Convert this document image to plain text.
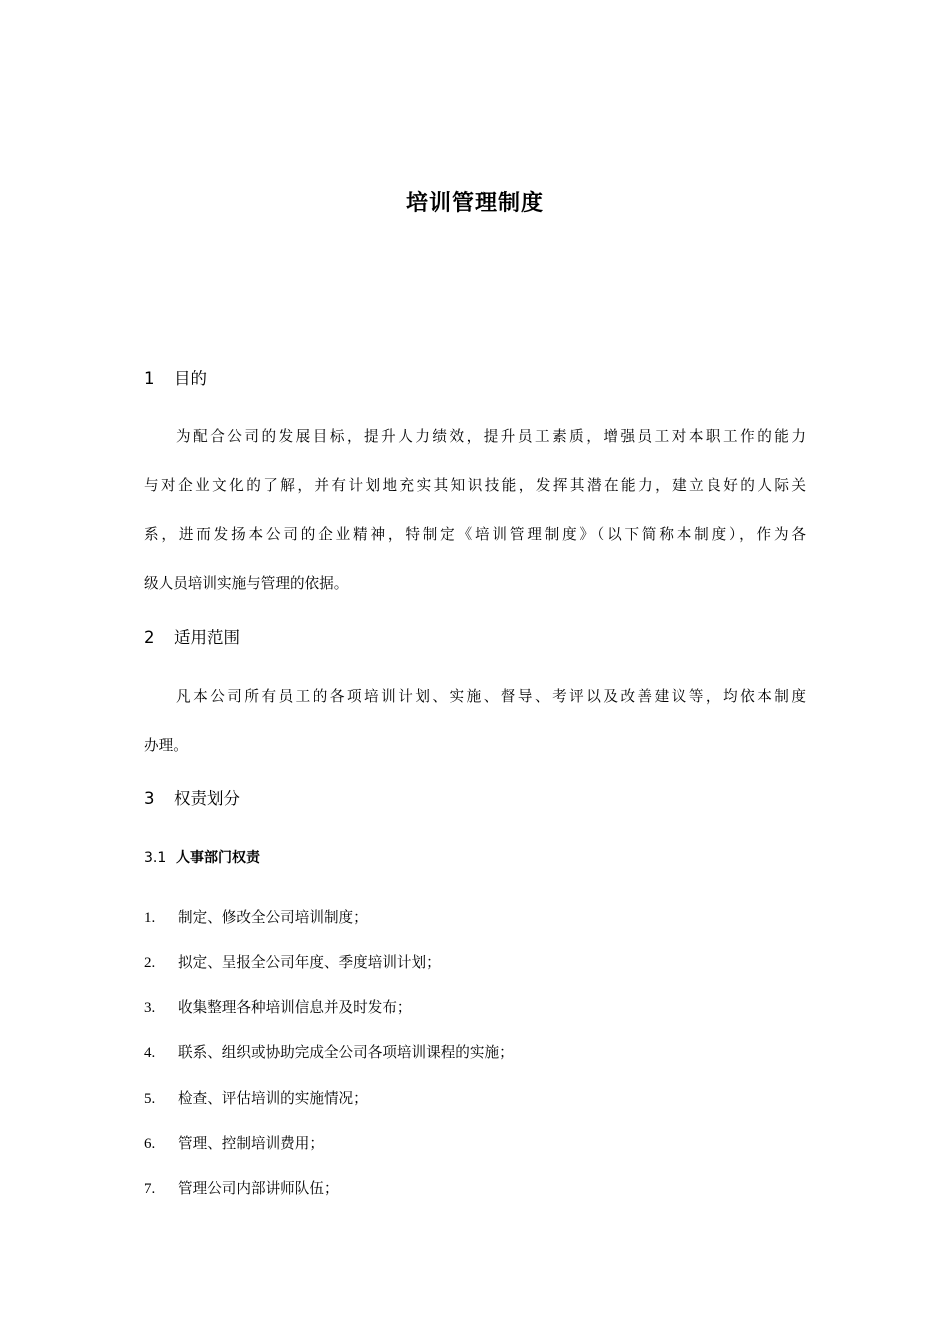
培训管理制度
1 目的
为配合公司的发展目标，提升人力绩效，提升员工素质，增强员工对本职工作的能力
与对企业文化的了解，并有计划地充实其知识技能，发挥其潜在能力，建立良好的人际关
系，进而发扬本公司的企业精神，特制定《培训管理制度》（以下简称本制度），作为各
级人员培训实施与管理的依据。
2 适用范围
凡本公司所有员工的各项培训计划、实施、督导、考评以及改善建议等，均依本制度
办理。
3 权责划分
3.1 人事部门权责
1. 制定、修改全公司培训制度；
2. 拟定、呈报全公司年度、季度培训计划；
3. 收集整理各种培训信息并及时发布；
4. 联系、组织或协助完成全公司各项培训课程的实施；
5. 检查、评估培训的实施情况；
6. 管理、控制培训费用；
7. 管理公司内部讲师队伍；
